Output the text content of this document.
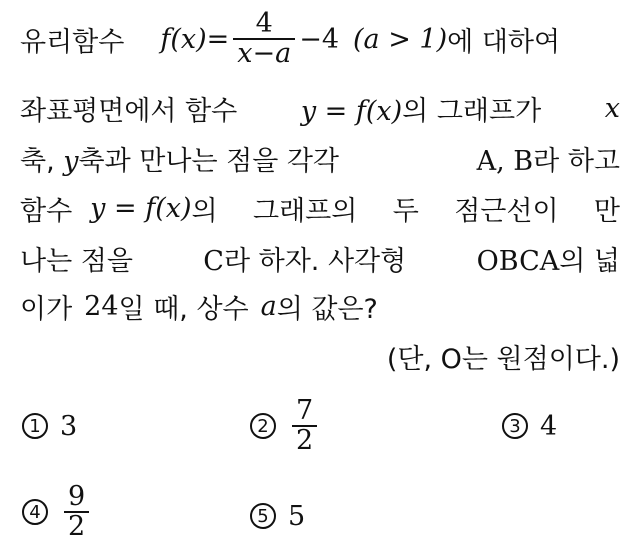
유리함수 $f(x)= \frac{4}{x-a} -4$ (a > 1) 에 대하여
좌표평면에서 함수 y = f(x)의 그래프가 x
축, y축과 만나는 점을 각각	A, B라 하고
함수 y = f(x) 의 그래프의 두 점근선이 만
나는 점을	C라 하자. 사각형	OBCA의 넓
이가 24 일 때, 상수 a 의 값은?
(단, O는 원점이다.)
1 3	$2 \frac{7}{2}$	3 4
$4 \frac{9}{2}$	5 5
